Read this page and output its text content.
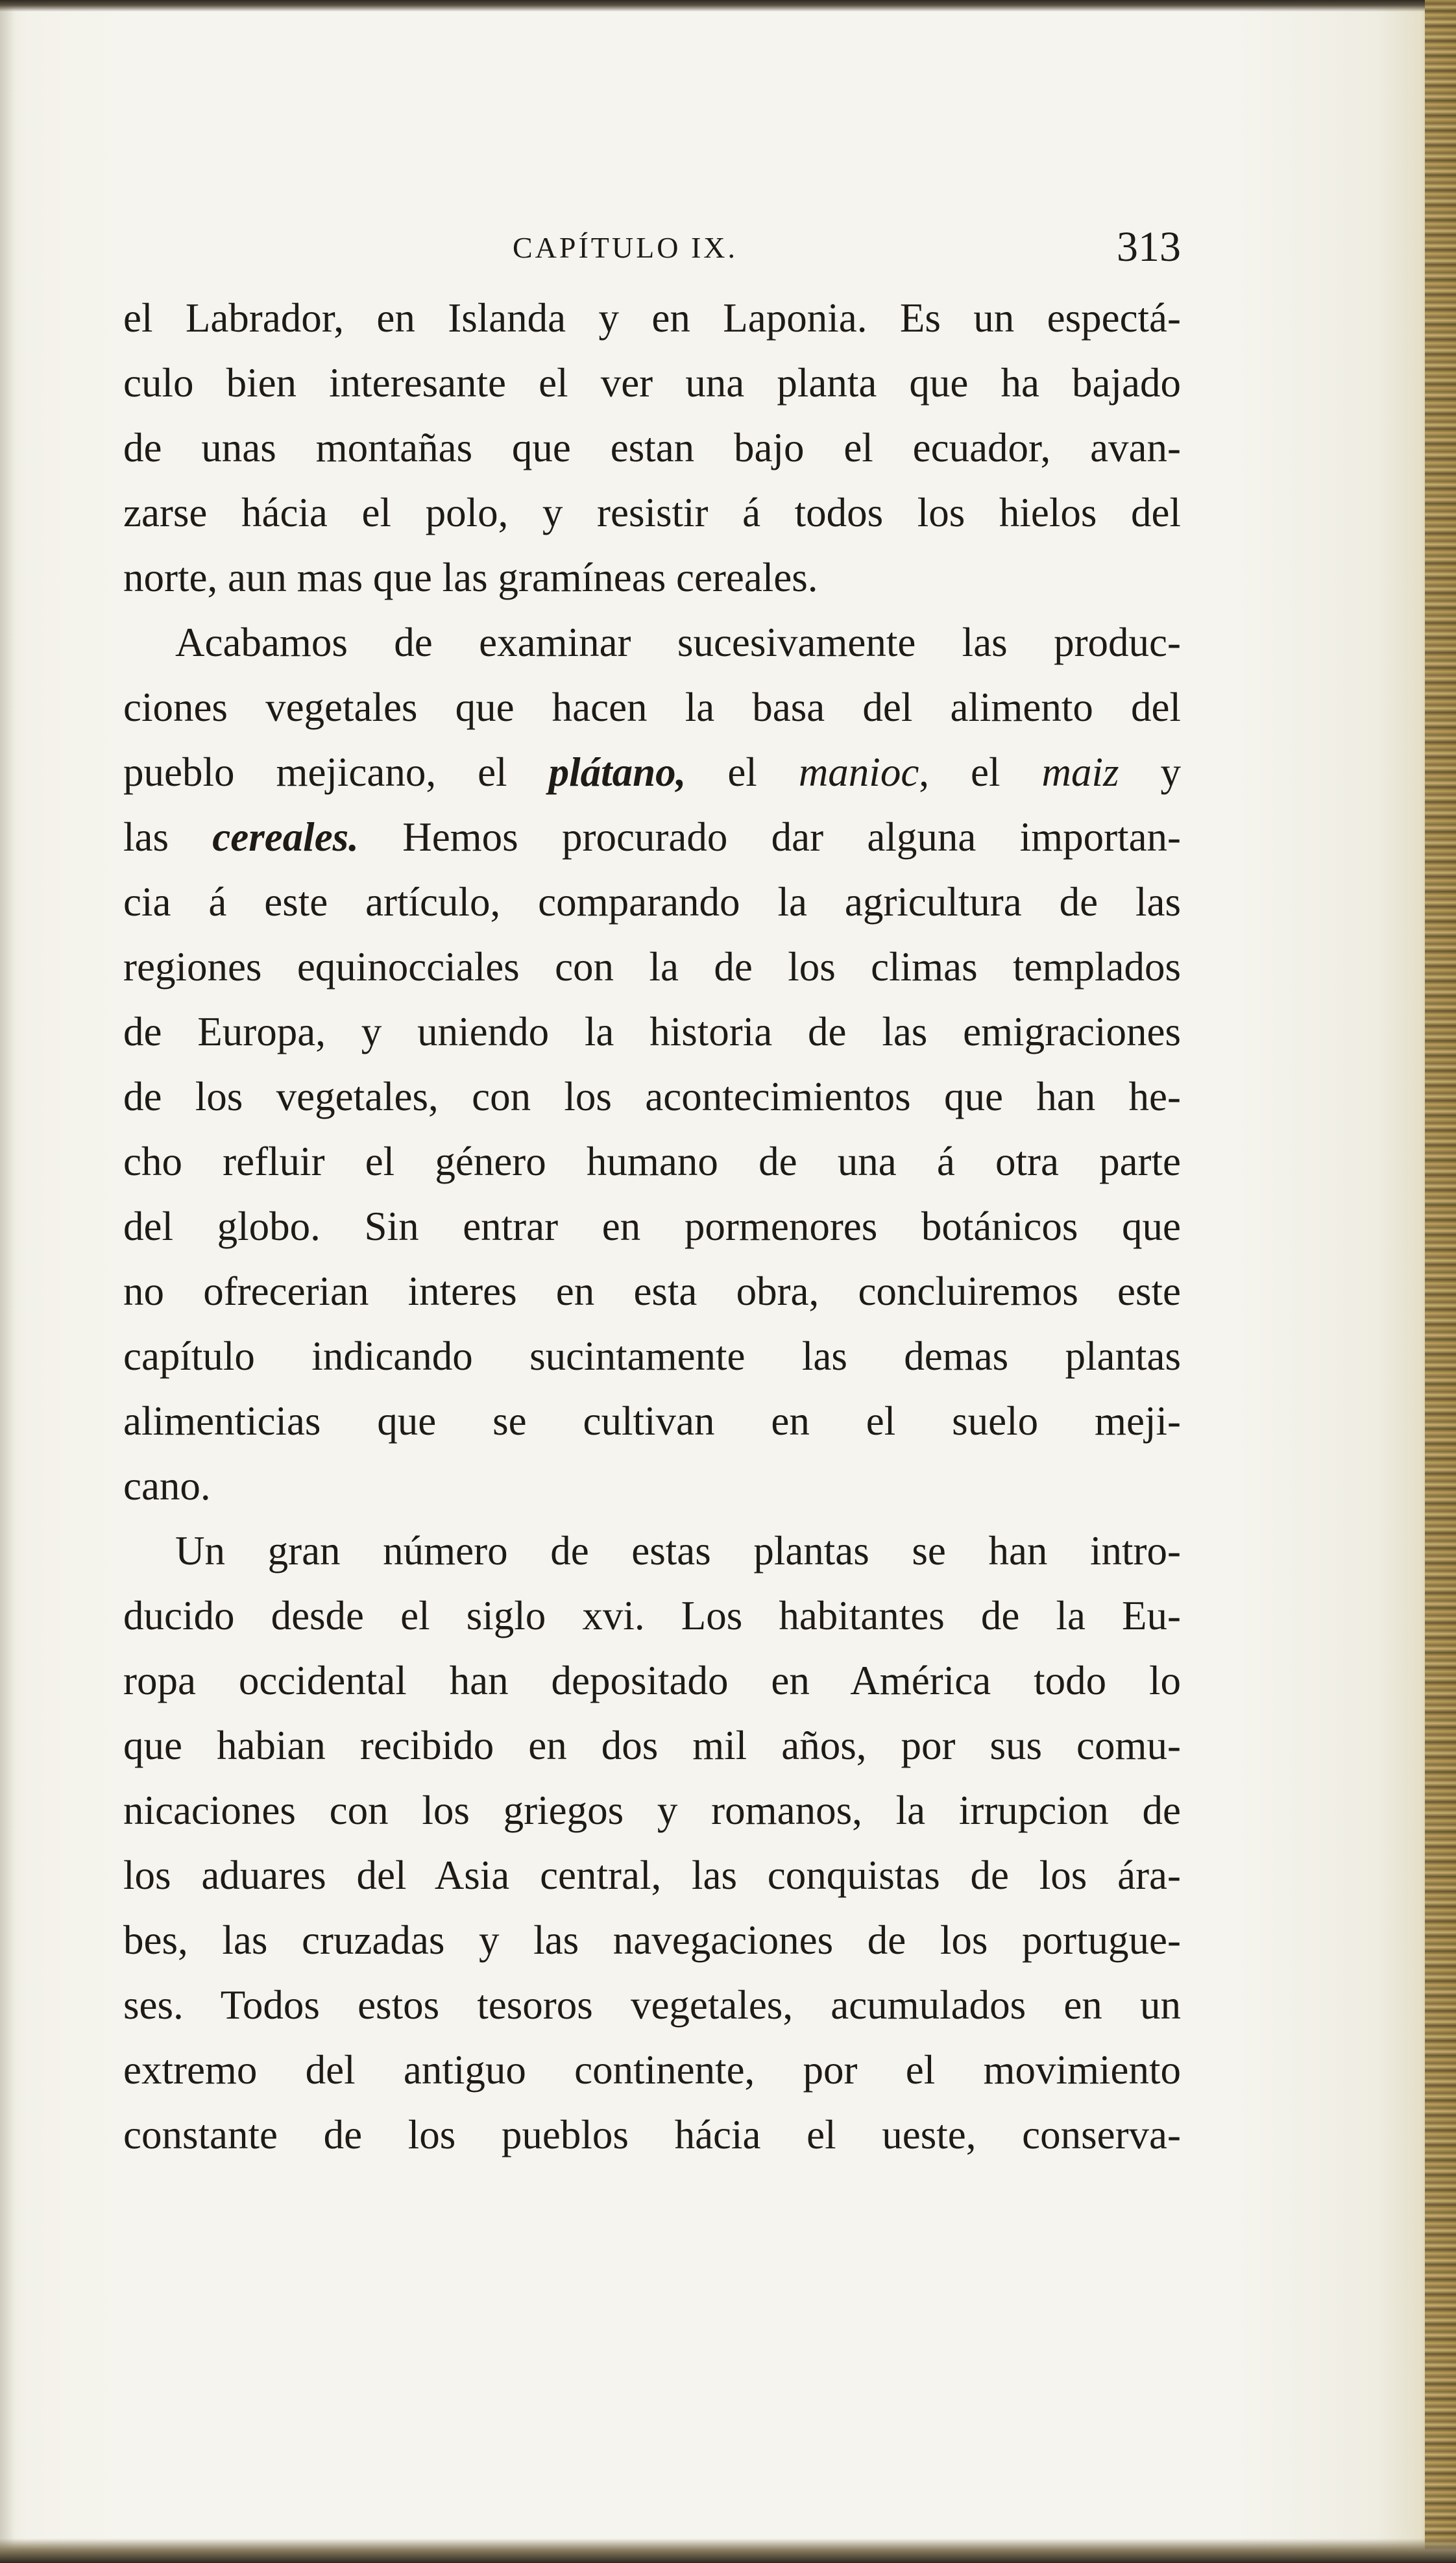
CAPÍTULO IX.	313
el Labrador, en Islanda y en Laponia. Es un espectá-
culo bien interesante el ver una planta que ha bajado
de unas montañas que estan bajo el ecuador, avan-
zarse hácia el polo, y resistir á todos los hielos del
norte, aun mas que las gramíneas cereales.
Acabamos de examinar sucesivamente las produc-
ciones vegetales que hacen la basa del alimento del
pueblo mejicano, el plátano, el manioc, el maiz y
las cereales. Hemos procurado dar alguna importan-
cia á este artículo, comparando la agricultura de las
regiones equinocciales con la de los climas templados
de Europa, y uniendo la historia de las emigraciones
de los vegetales, con los acontecimientos que han he-
cho refluir el género humano de una á otra parte
del globo. Sin entrar en pormenores botánicos que
no ofrecerian interes en esta obra, concluiremos este
capítulo indicando sucintamente las demas plantas
alimenticias que se cultivan en el suelo meji-
cano.
Un gran número de estas plantas se han intro-
ducido desde el siglo xvi. Los habitantes de la Eu-
ropa occidental han depositado en América todo lo
que habian recibido en dos mil años, por sus comu-
nicaciones con los griegos y romanos, la irrupcion de
los aduares del Asia central, las conquistas de los ára-
bes, las cruzadas y las navegaciones de los portugue-
ses. Todos estos tesoros vegetales, acumulados en un
extremo del antiguo continente, por el movimiento
constante de los pueblos hácia el ueste, conserva-
